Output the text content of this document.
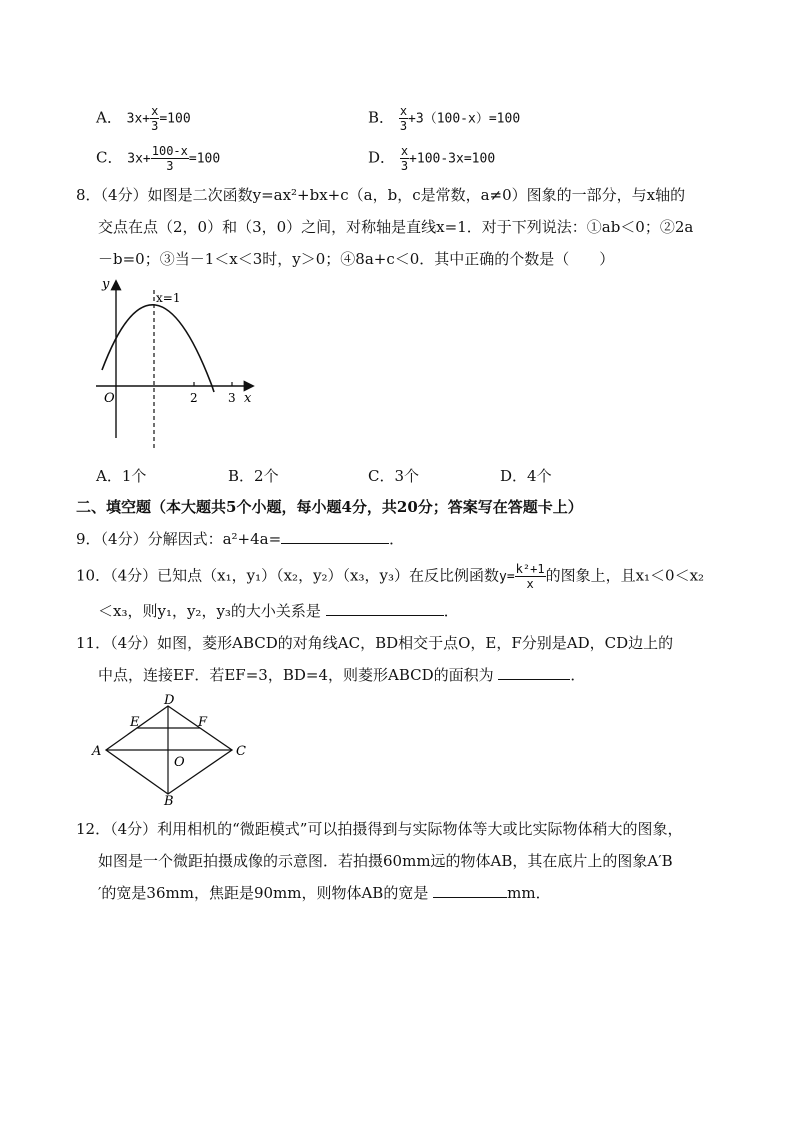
A． $3x+ \frac{x}{3} =100$	B． $\frac{x}{3} +3(100-x)=100$
C． $3x+ \frac{100-x}{3} =100$	D． $\frac{x}{3} +100-3x=100$
8．（4分）如图是二次函数y=ax²+bx+c（a，b，c是常数，a≠0）图象的一部分，与x轴的
交点在点（2，0）和（3，0）之间，对称轴是直线x=1．对于下列说法：①ab＜0；②2a
－b=0；③当－1＜x＜3时，y＞0；④8a+c＜0．其中正确的个数是（　　）
y
x
O	2	3
x=1
A．1个	B．2个	C．3个	D．4个
二、填空题（本大题共5个小题，每小题4分，共20分；答案写在答题卡上）
9．（4分）分解因式：a²+4a=	．
10．（4分）已知点（x₁，y₁）（x₂，y₂）（x₃，y₃）在反比例函数$y= \frac{\text{k²+1}}{x}$ 的图象上，且x₁＜0＜x₂
＜x₃，则y₁，y₂，y₃的大小关系是	．
11．（4分）如图，菱形ABCD的对角线AC，BD相交于点O，E，F分别是AD，CD边上的
中点，连接EF．若EF=3，BD=4，则菱形ABCD的面积为	．
A	C
D
B
E	F
O
12．（4分）利用相机的“微距模式”可以拍摄得到与实际物体等大或比实际物体稍大的图象，
如图是一个微距拍摄成像的示意图．若拍摄60mm远的物体AB，其在底片上的图象A′B
′的宽是36mm，焦距是90mm，则物体AB的宽是	mm．
